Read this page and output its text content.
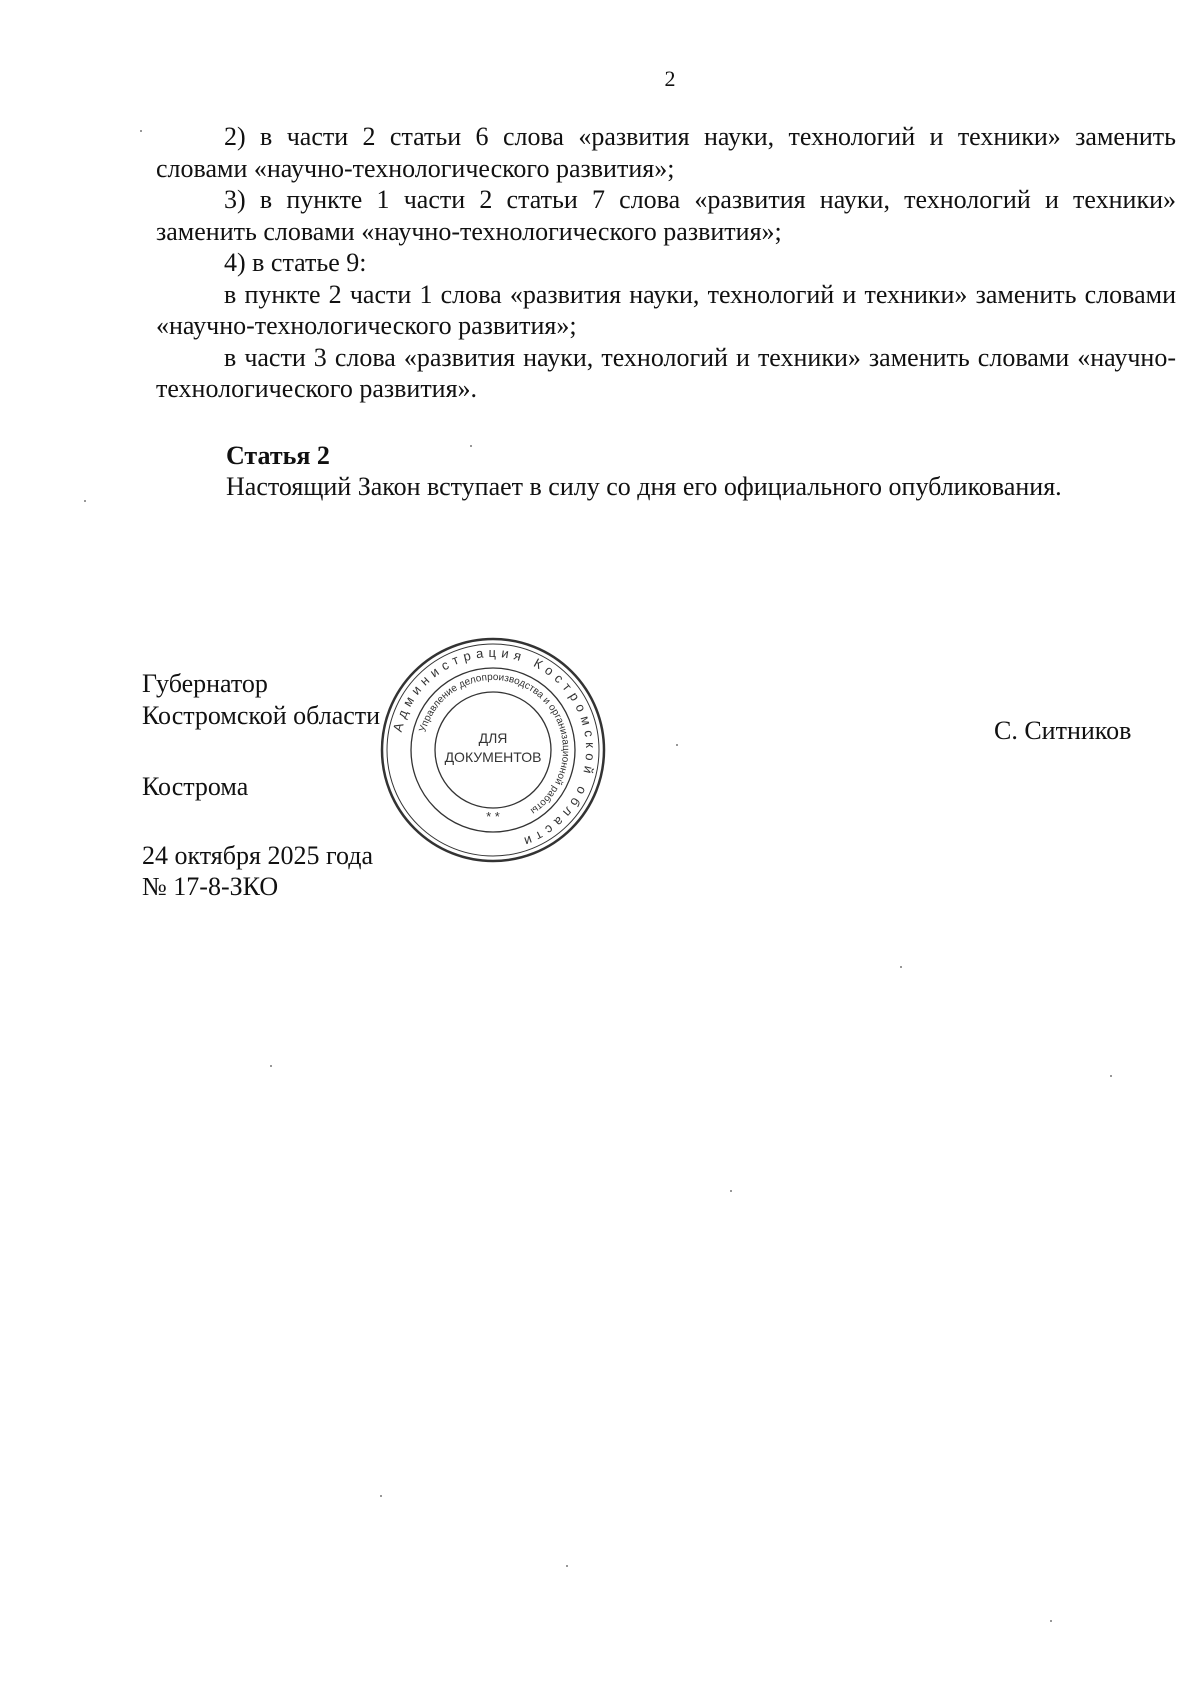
2

2) в части 2 статьи 6 слова «развития науки, технологий и техники» заменить словами «научно-технологического развития»;

3) в пункте 1 части 2 статьи 7 слова «развития науки, технологий и техники» заменить словами «научно-технологического развития»;

4) в статье 9:

в пункте 2 части 1 слова «развития науки, технологий и техники» заменить словами «научно-технологического развития»;

в части 3 слова «развития науки, технологий и техники» заменить словами «научно-технологического развития».

Статья 2
Настоящий Закон вступает в силу со дня его официального опубликования.
Губернатор
Костромской области
Кострома
24 октября 2025 года
№ 17-8-ЗКО
С. Ситников
Администрация Костромской области
Управление делопроизводства и организационной работы
ДЛЯ
ДОКУМЕНТОВ
* *
